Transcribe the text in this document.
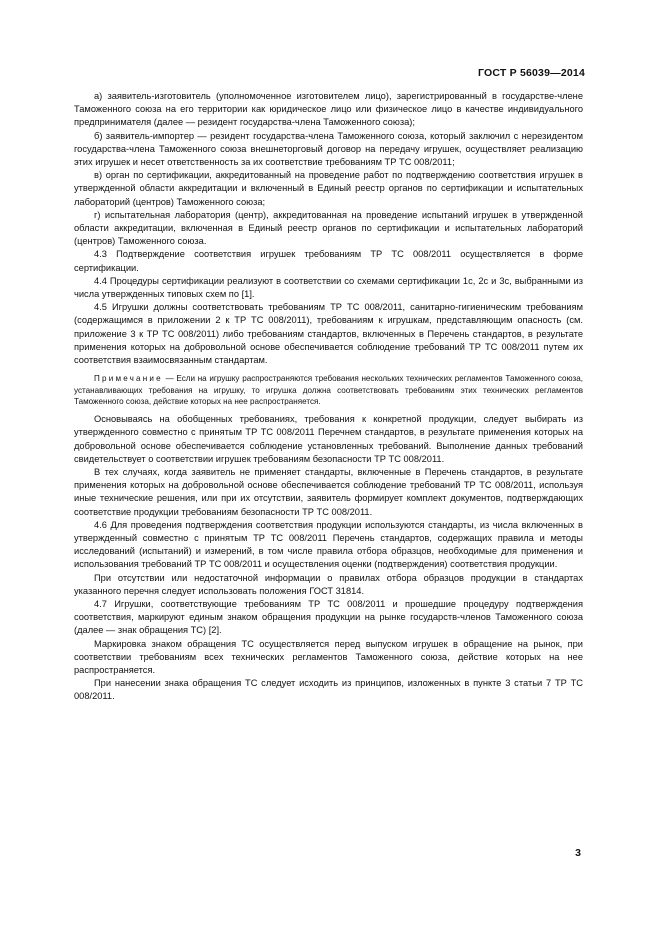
ГОСТ Р 56039—2014

а) заявитель-изготовитель (уполномоченное изготовителем лицо), зарегистрированный в государстве-члене Таможенного союза на его территории как юридическое лицо или физическое лицо в качестве индивидуального предпринимателя (далее — резидент государства-члена Таможенного союза);

б) заявитель-импортер — резидент государства-члена Таможенного союза, который заключил с нерезидентом государства-члена Таможенного союза внешнеторговый договор на передачу игрушек, осуществляет реализацию этих игрушек и несет ответственность за их соответствие требованиям ТР ТС 008/2011;

в) орган по сертификации, аккредитованный на проведение работ по подтверждению соответствия игрушек в утвержденной области аккредитации и включенный в Единый реестр органов по сертификации и испытательных лабораторий (центров) Таможенного союза;

г) испытательная лаборатория (центр), аккредитованная на проведение испытаний игрушек в утвержденной области аккредитации, включенная в Единый реестр органов по сертификации и испытательных лабораторий (центров) Таможенного союза.

4.3 Подтверждение соответствия игрушек требованиям ТР ТС 008/2011 осуществляется в форме сертификации.

4.4 Процедуры сертификации реализуют в соответствии со схемами сертификации 1с, 2с и 3с, выбранными из числа утвержденных типовых схем по [1].

4.5 Игрушки должны соответствовать требованиям ТР ТС 008/2011, санитарно-гигиеническим требованиям (содержащимся в приложении 2 к ТР ТС 008/2011), требованиям к игрушкам, представляющим опасность (см. приложение 3 к ТР ТС 008/2011) либо требованиям стандартов, включенных в Перечень стандартов, в результате применения которых на добровольной основе обеспечивается соблюдение требований ТР ТС 008/2011 путем их соответствия взаимосвязанным стандартам.

Примечание — Если на игрушку распространяются требования нескольких технических регламентов Таможенного союза, устанавливающих требования на игрушку, то игрушка должна соответствовать требованиям этих технических регламентов Таможенного союза, действие которых на нее распространяется.

Основываясь на обобщенных требованиях, требования к конкретной продукции, следует выбирать из утвержденного совместно с принятым ТР ТС 008/2011 Перечнем стандартов, в результате применения которых на добровольной основе обеспечивается соблюдение установленных требований. Выполнение данных требований свидетельствует о соответствии игрушек требованиям безопасности ТР ТС 008/2011.

В тех случаях, когда заявитель не применяет стандарты, включенные в Перечень стандартов, в результате применения которых на добровольной основе обеспечивается соблюдение требований ТР ТС 008/2011, используя иные технические решения, или при их отсутствии, заявитель формирует комплект документов, подтверждающих соответствие продукции требованиям безопасности ТР ТС 008/2011.

4.6 Для проведения подтверждения соответствия продукции используются стандарты, из числа включенных в утвержденный совместно с принятым ТР ТС 008/2011 Перечень стандартов, содержащих правила и методы исследований (испытаний) и измерений, в том числе правила отбора образцов, необходимые для применения и использования требований ТР ТС 008/2011 и осуществления оценки (подтверждения) соответствия продукции.

При отсутствии или недостаточной информации о правилах отбора образцов продукции в стандартах указанного перечня следует использовать положения ГОСТ 31814.

4.7 Игрушки, соответствующие требованиям ТР ТС 008/2011 и прошедшие процедуру подтверждения соответствия, маркируют единым знаком обращения продукции на рынке государств-членов Таможенного союза (далее — знак обращения ТС) [2].

Маркировка знаком обращения ТС осуществляется перед выпуском игрушек в обращение на рынок, при соответствии требованиям всех технических регламентов Таможенного союза, действие которых на нее распространяется.

При нанесении знака обращения ТС следует исходить из принципов, изложенных в пункте 3 статьи 7 ТР ТС 008/2011.

3
